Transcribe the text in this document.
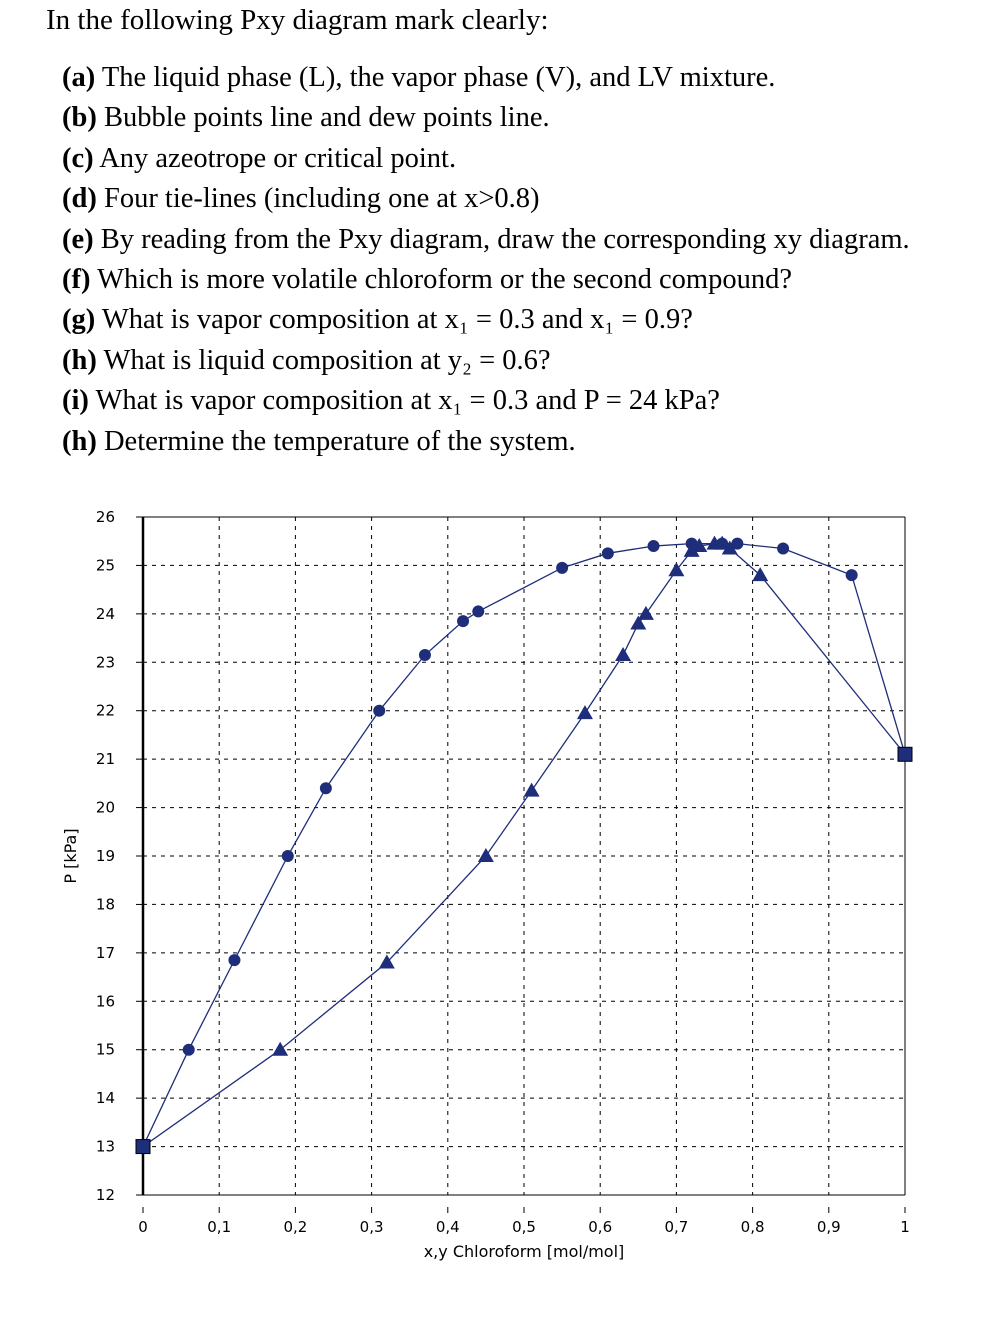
In the following Pxy diagram mark clearly:
(a) The liquid phase (L), the vapor phase (V), and LV mixture.
(b) Bubble points line and dew points line.
(c) Any azeotrope or critical point.
(d) Four tie-lines (including one at x>0.8)
(e) By reading from the Pxy diagram, draw the corresponding xy diagram.
(f) Which is more volatile chloroform or the second compound?
(g) What is vapor composition at x₁ = 0.3 and x₁ = 0.9?
(h) What is liquid composition at y₂ = 0.6?
(i) What is vapor composition at x₁ = 0.3 and P = 24 kPa?
(h) Determine the temperature of the system.
12
13
14
15
16
17
18
19
20
21
22
23
24
25
26
0	0,1	0,2	0,3	0,4	0,5	0,6	0,7	0,8	0,9	1
x,y Chloroform [mol/mol]
P [kPa]
